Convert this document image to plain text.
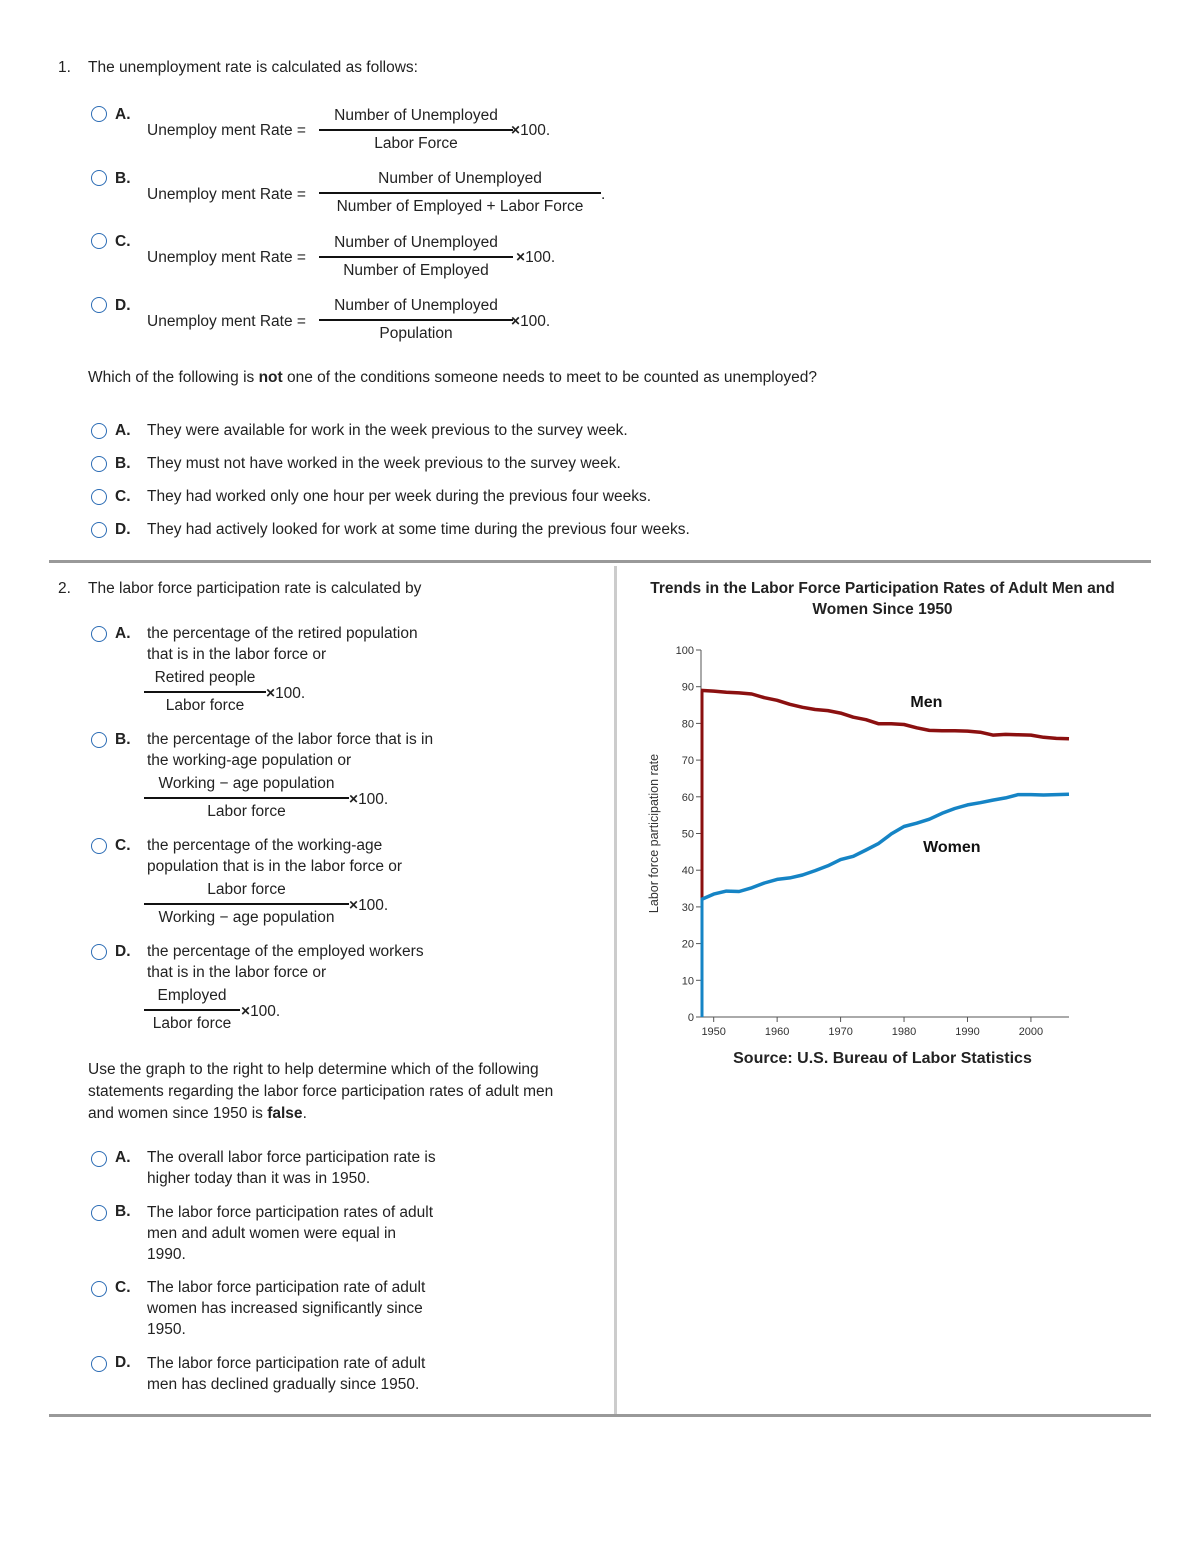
1. The unemployment rate is calculated as follows:
A.
Unemploy ment Rate =
Number of Unemployed
Labor Force
×100.
B.
Unemploy ment Rate =
Number of Unemployed
Number of Employed + Labor Force
.
C.
Unemploy ment Rate =
Number of Unemployed
Number of Employed
×100.
D.
Unemploy ment Rate =
Number of Unemployed
Population
×100.
Which of the following is not one of the conditions someone needs to meet to be counted as unemployed?
A. They were available for work in the week previous to the survey week.
B. They must not have worked in the week previous to the survey week.
C. They had worked only one hour per week during the previous four weeks.
D. They had actively looked for work at some time during the previous four weeks.
2. The labor force participation rate is calculated by
A. the percentage of the retired population
that is in the labor force or
Retired people
Labor force
×100.
B. the percentage of the labor force that is in
the working-age population or
Working − age population
Labor force
×100.
C. the percentage of the working-age
population that is in the labor force or
Labor force
Working − age population
×100.
D. the percentage of the employed workers
that is in the labor force or
Employed
Labor force
×100.
Use the graph to the right to help determine which of the following
statements regarding the labor force participation rates of adult men
and women since 1950 is false.
A. The overall labor force participation rate is
higher today than it was in 1950.
B. The labor force participation rates of adult
men and adult women were equal in
1990.
C. The labor force participation rate of adult
women has increased significantly since
1950.
D. The labor force participation rate of adult
men has declined gradually since 1950.
Trends in the Labor Force Participation Rates of Adult Men and
Women Since 1950
0
10
20
30
40
50
60
70
80
90
100
1950	1960	1970	1980	1990	2000
Labor force participation rate
Men
Women
Source: U.S. Bureau of Labor Statistics
